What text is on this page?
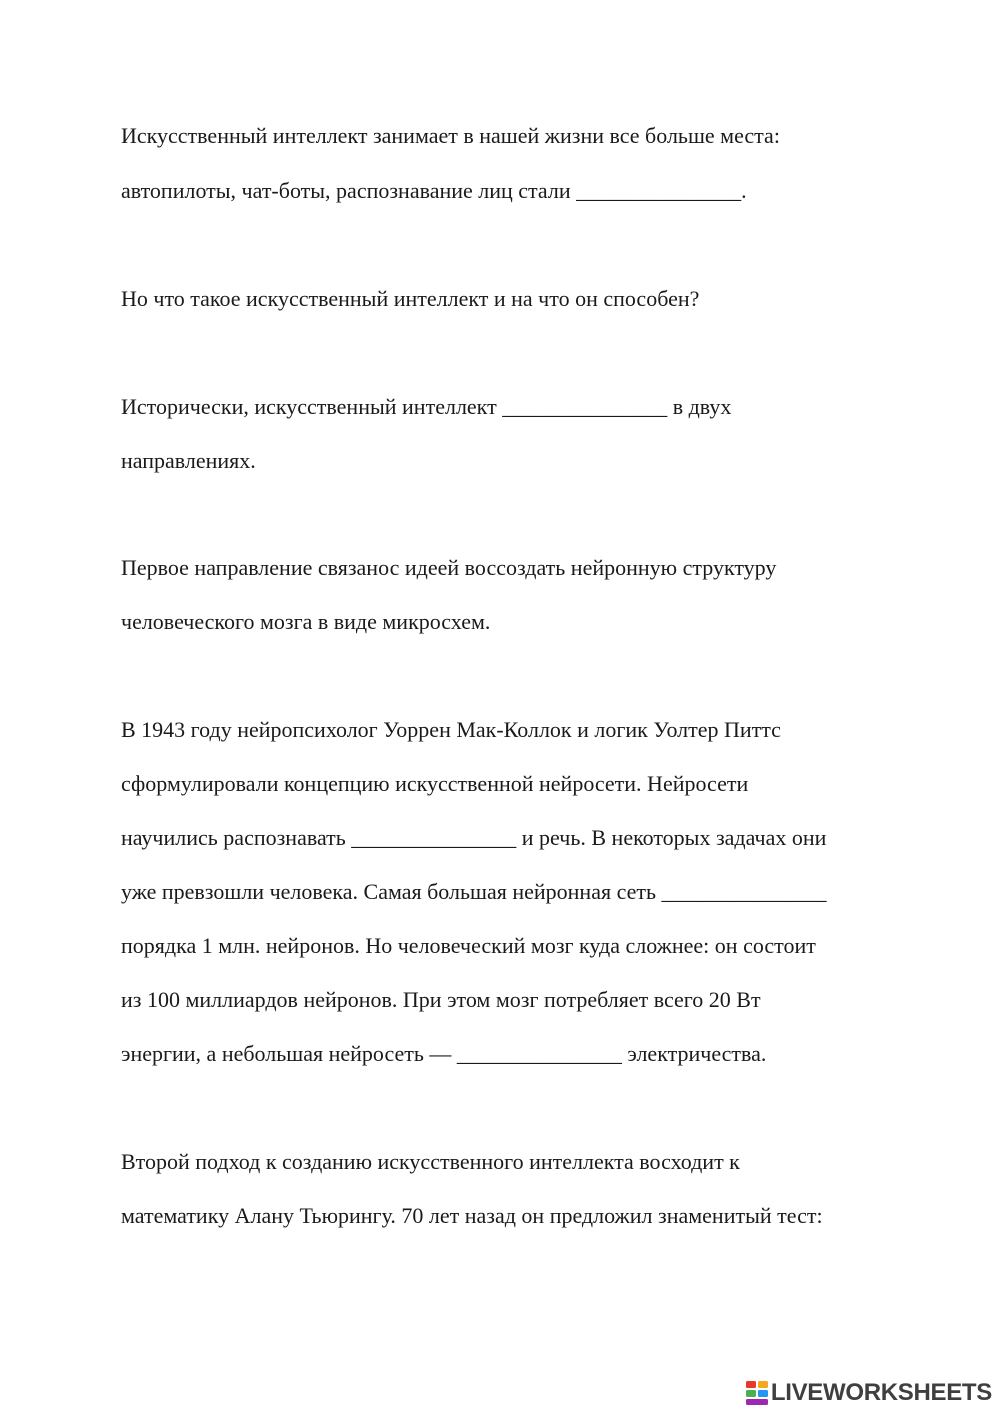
Искусственный интеллект занимает в нашей жизни все больше места:
автопилоты, чат-боты, распознавание лиц стали _______________.
Но что такое искусственный интеллект и на что он способен?
Исторически, искусственный интеллект _______________ в двух
направлениях.
Первое направление связанос идеей воссоздать нейронную структуру
человеческого мозга в виде микросхем.
В 1943 году нейропсихолог Уоррен Мак-Коллок и логик Уолтер Питтс
сформулировали концепцию искусственной нейросети. Нейросети
научились распознавать _______________ и речь. В некоторых задачах они
уже превзошли человека. Самая большая нейронная сеть _______________
порядка 1 млн. нейронов. Но человеческий мозг куда сложнее: он состоит
из 100 миллиардов нейронов. При этом мозг потребляет всего 20 Вт
энергии, а небольшая нейросеть — _______________ электричества.
Второй подход к созданию искусственного интеллекта восходит к
математику Алану Тьюрингу. 70 лет назад он предложил знаменитый тест:
LIVEWORKSHEETS
